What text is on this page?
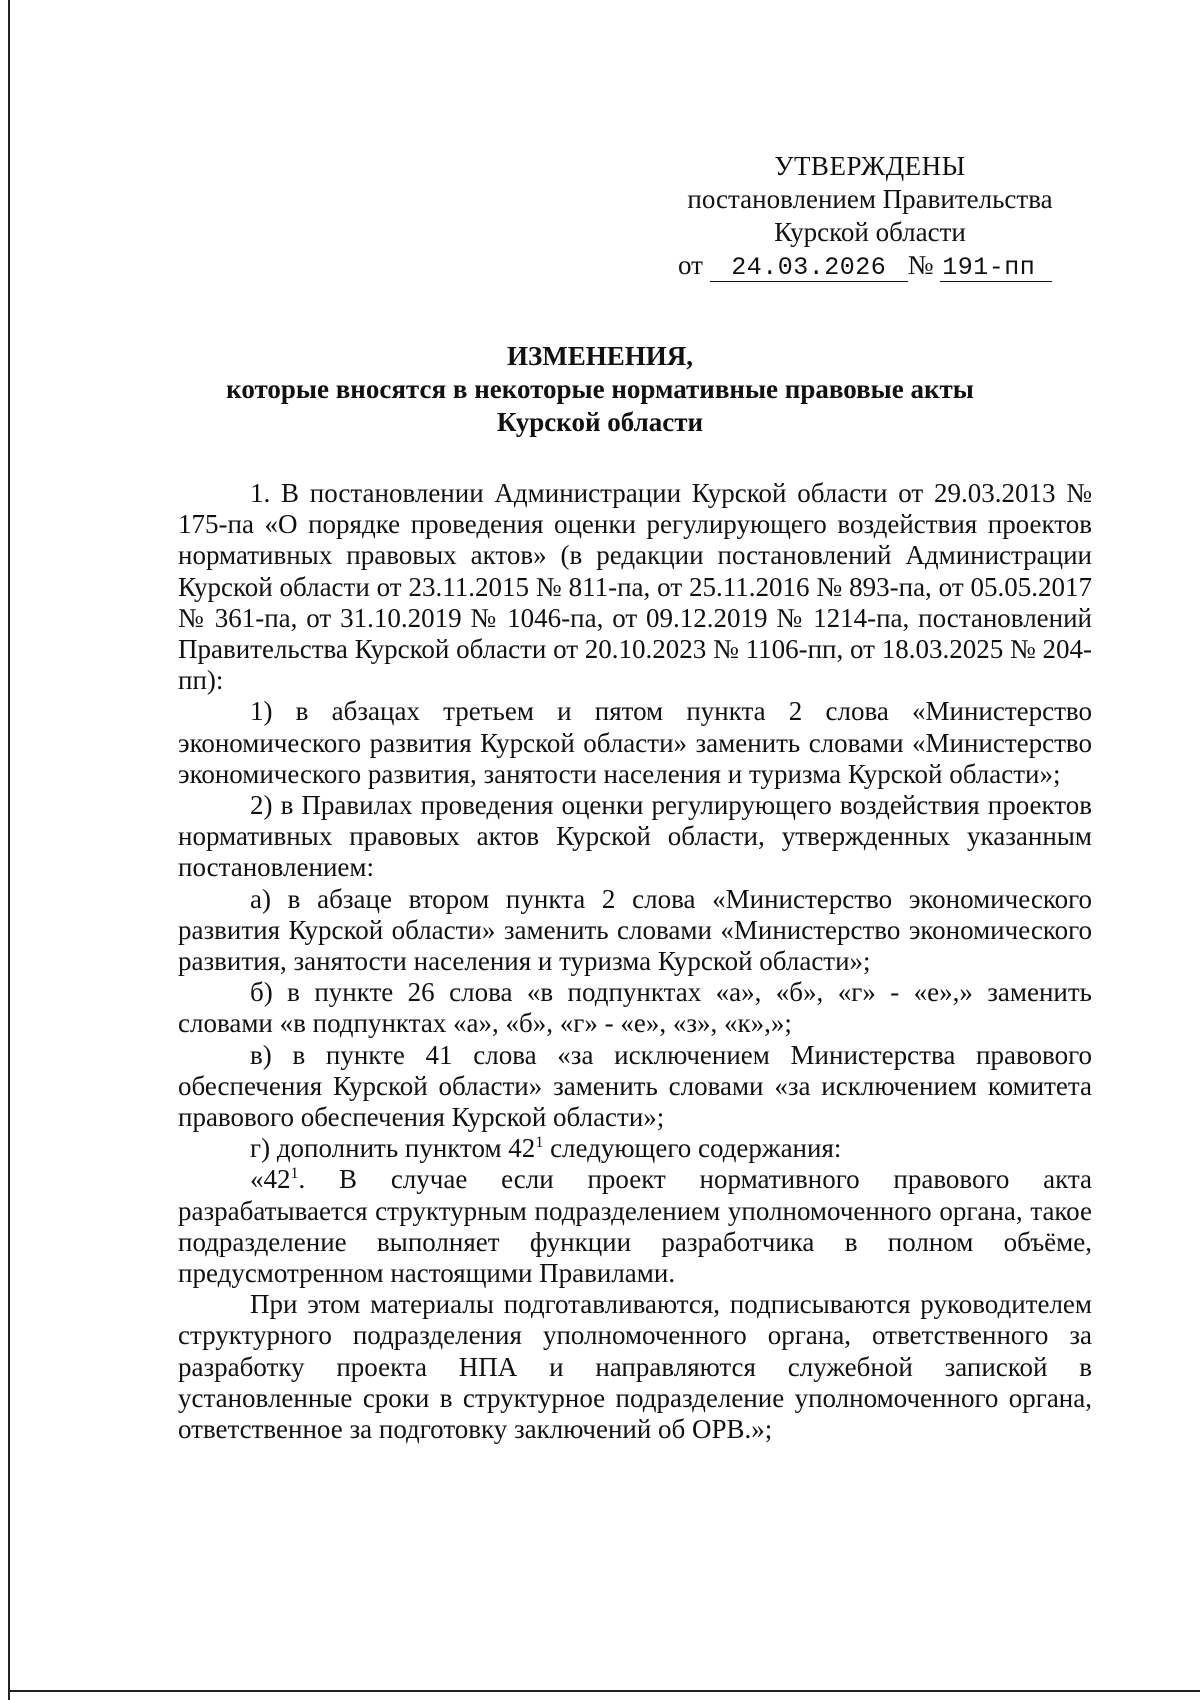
УТВЕРЖДЕНЫ
постановлением Правительства
Курской области
от 24.03.2026 № 191-пп
ИЗМЕНЕНИЯ,
которые вносятся в некоторые нормативные правовые акты
Курской области

1. В постановлении Администрации Курской области от 29.03.2013 № 175-па «О порядке проведения оценки регулирующего воздействия проектов нормативных правовых актов» (в редакции постановлений Администрации Курской области от 23.11.2015 № 811-па, от 25.11.2016 № 893-па, от 05.05.2017 № 361-па, от 31.10.2019 № 1046-па, от 09.12.2019 № 1214-па, постановлений Правительства Курской области от 20.10.2023 № 1106-пп, от 18.03.2025 № 204-пп):

1) в абзацах третьем и пятом пункта 2 слова «Министерство экономического развития Курской области» заменить словами «Министерство экономического развития, занятости населения и туризма Курской области»;

2) в Правилах проведения оценки регулирующего воздействия проектов нормативных правовых актов Курской области, утвержденных указанным постановлением:

а) в абзаце втором пункта 2 слова «Министерство экономического развития Курской области» заменить словами «Министерство экономического развития, занятости населения и туризма Курской области»;

б) в пункте 26 слова «в подпунктах «а», «б», «г» - «е»,» заменить словами «в подпунктах «а», «б», «г» - «е», «з», «к»,»;

в) в пункте 41 слова «за исключением Министерства правового обеспечения Курской области» заменить словами «за исключением комитета правового обеспечения Курской области»;

г) дополнить пунктом $42^1$ следующего содержания:

«$42^1$. В случае если проект нормативного правового акта разрабатывается структурным подразделением уполномоченного органа, такое подразделение выполняет функции разработчика в полном объёме, предусмотренном настоящими Правилами.

При этом материалы подготавливаются, подписываются руководителем структурного подразделения уполномоченного органа, ответственного за разработку проекта НПА и направляются служебной запиской в установленные сроки в структурное подразделение уполномоченного органа, ответственное за подготовку заключений об ОРВ.»;
